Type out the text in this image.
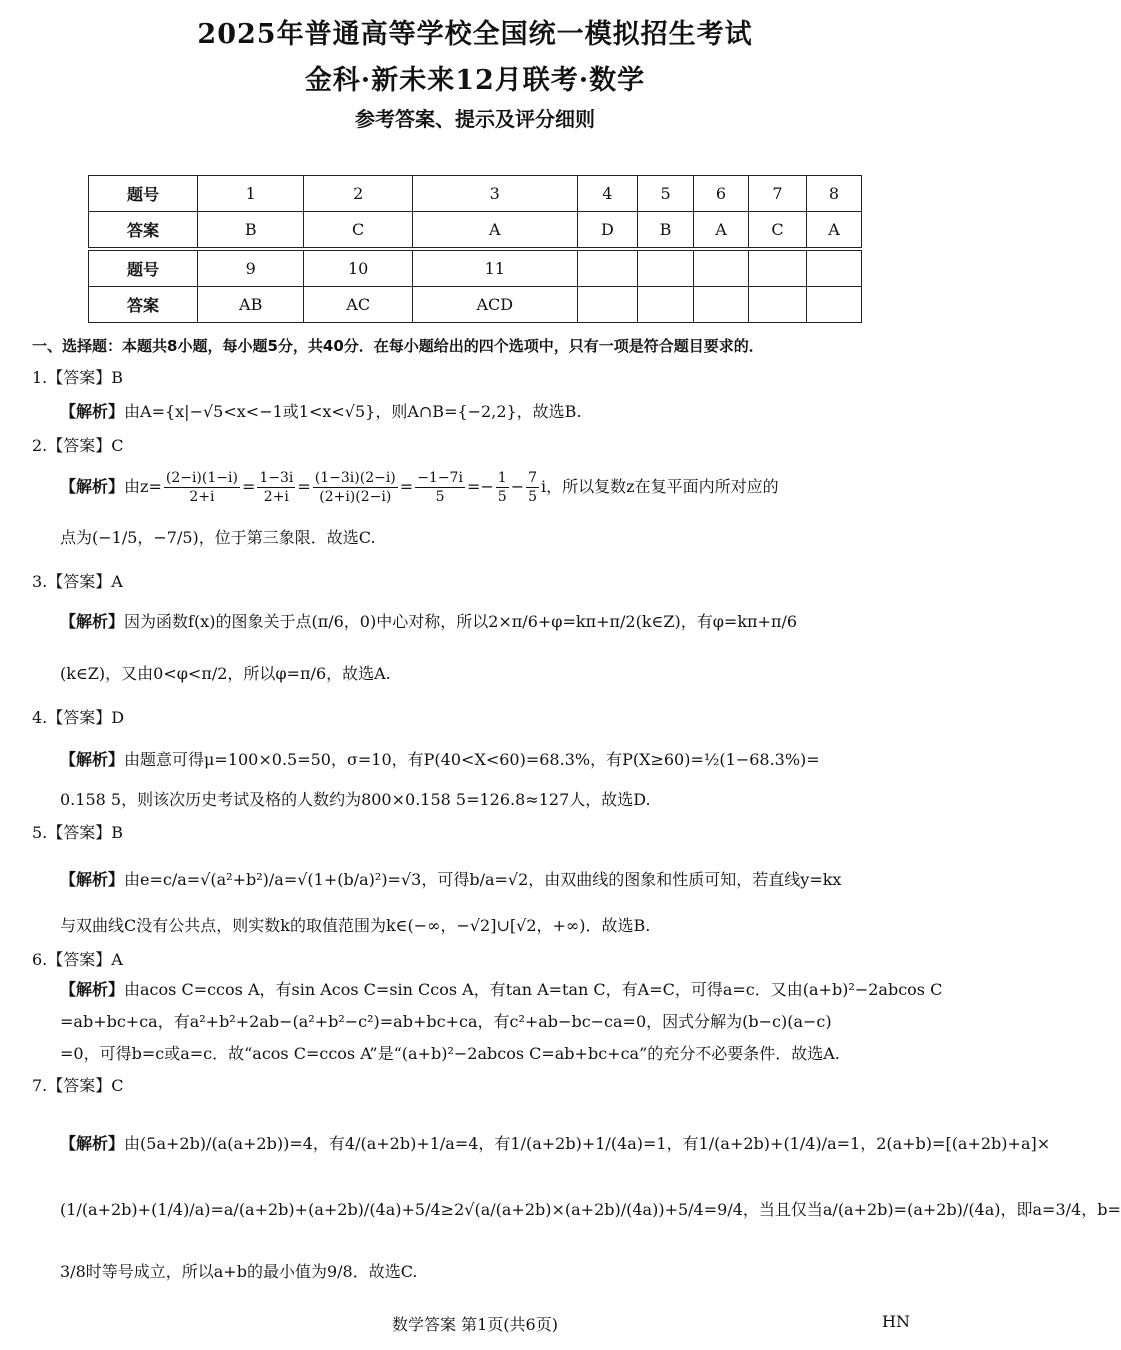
2025年普通高等学校全国统一模拟招生考试
金科·新未来12月联考·数学
参考答案、提示及评分细则
题号	1	2	3	4	5	6	7	8
答案	B	C	A	D	B	A	C	A
题号	9	10	11					
答案	AB	AC	ACD					
一、选择题：本题共8小题，每小题5分，共40分．在每小题给出的四个选项中，只有一项是符合题目要求的．
1.【答案】B
【解析】由A={x|−√5<x<−1或1<x<√5}，则A∩B={−2,2}，故选B.
2.【答案】C
【解析】由$z= \frac{(2-i)(1-i)}{2+i} = \frac{1-3i}{2+i} = \frac{(1-3i)(2-i)}{(2+i)(2-i)} = \frac{-1-7i}{5} =- \frac{1}{5} - \frac{7}{5}$ i，所以复数z在复平面内所对应的
点为(−1/5，−7/5)，位于第三象限．故选C.
3.【答案】A
【解析】因为函数f(x)的图象关于点(π/6，0)中心对称，所以2×π/6+φ=kπ+π/2(k∈Z)，有φ=kπ+π/6
(k∈Z)，又由0<φ<π/2，所以φ=π/6，故选A.
4.【答案】D
【解析】由题意可得μ=100×0.5=50，σ=10，有P(40<X<60)=68.3%，有P(X≥60)=½(1−68.3%)=
0.158 5，则该次历史考试及格的人数约为800×0.158 5=126.8≈127人，故选D.
5.【答案】B
【解析】由e=c/a=√(a²+b²)/a=√(1+(b/a)²)=√3，可得b/a=√2，由双曲线的图象和性质可知，若直线y=kx
与双曲线C没有公共点，则实数k的取值范围为k∈(−∞，−√2]∪[√2，+∞)．故选B.
6.【答案】A
【解析】由acos C=ccos A，有sin Acos C=sin Ccos A，有tan A=tan C，有A=C，可得a=c．又由(a+b)²−2abcos C
=ab+bc+ca，有a²+b²+2ab−(a²+b²−c²)=ab+bc+ca，有c²+ab−bc−ca=0，因式分解为(b−c)(a−c)
=0，可得b=c或a=c．故“acos C=ccos A”是“(a+b)²−2abcos C=ab+bc+ca”的充分不必要条件．故选A.
7.【答案】C
【解析】由(5a+2b)/(a(a+2b))=4，有4/(a+2b)+1/a=4，有1/(a+2b)+1/(4a)=1，有1/(a+2b)+(1/4)/a=1，2(a+b)=[(a+2b)+a]×
(1/(a+2b)+(1/4)/a)=a/(a+2b)+(a+2b)/(4a)+5/4≥2√(a/(a+2b)×(a+2b)/(4a))+5/4=9/4，当且仅当a/(a+2b)=(a+2b)/(4a)，即a=3/4，b=
3/8时等号成立，所以a+b的最小值为9/8．故选C.
数学答案 第1页(共6页)	HN
